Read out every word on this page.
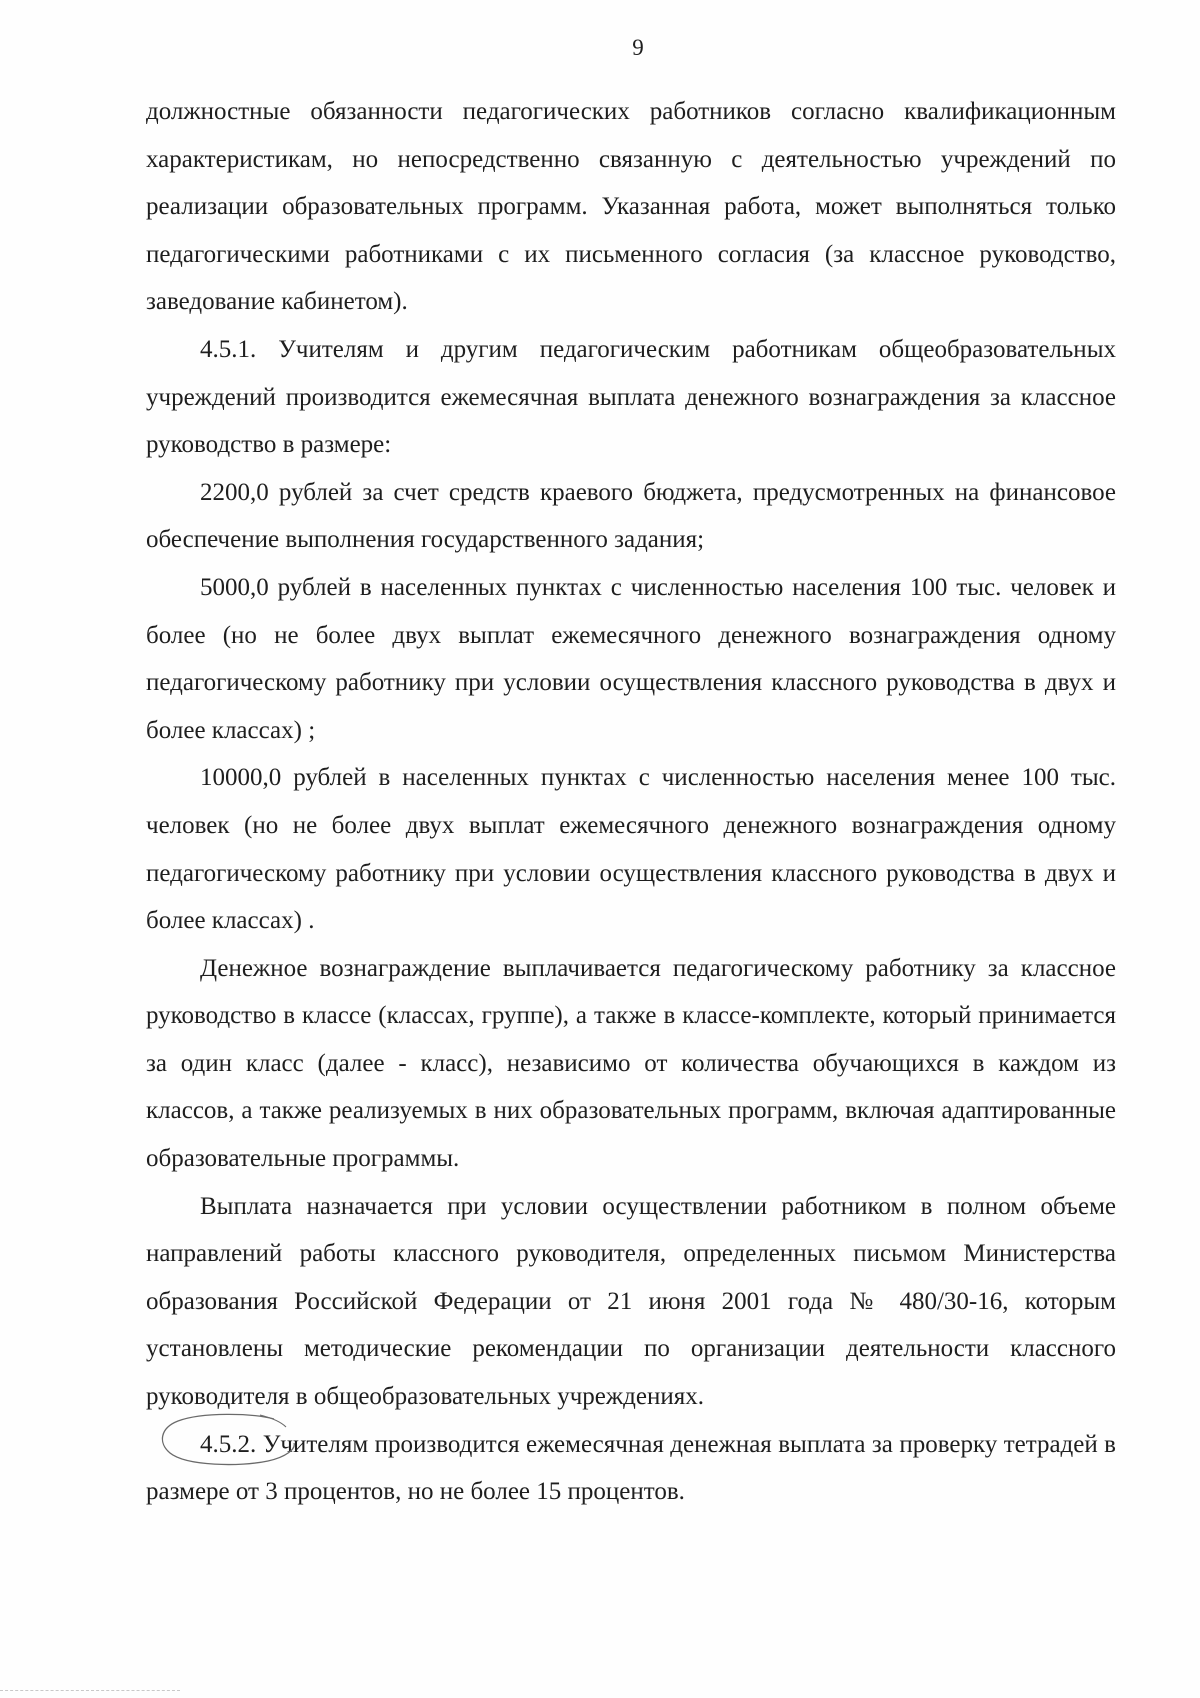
9

должностные обязанности педагогических работников согласно квалификационным характеристикам, но непосредственно связанную с деятельностью учреждений по реализации образовательных программ. Указанная работа, может выполняться только педагогическими работниками с их письменного согласия (за классное руководство, заведование кабинетом).

4.5.1. Учителям и другим педагогическим работникам общеобразовательных учреждений производится ежемесячная выплата денежного вознаграждения за классное руководство в размере:

2200,0 рублей за счет средств краевого бюджета, предусмотренных на финансовое обеспечение выполнения государственного задания;

5000,0 рублей в населенных пунктах с численностью населения 100 тыс. человек и более (но не более двух выплат ежемесячного денежного вознаграждения одному педагогическому работнику при условии осуществления классного руководства в двух и более классах) ;

10000,0 рублей в населенных пунктах с численностью населения менее 100 тыс. человек (но не более двух выплат ежемесячного денежного вознаграждения одному педагогическому работнику при условии осуществления классного руководства в двух и более классах) .

Денежное вознаграждение выплачивается педагогическому работнику за классное руководство в классе (классах, группе), а также в классе-комплекте, который принимается за один класс (далее - класс), независимо от количества обучающихся в каждом из классов, а также реализуемых в них образовательных программ, включая адаптированные образовательные программы.

Выплата назначается при условии осуществлении работником в полном объеме направлений работы классного руководителя, определенных письмом Министерства образования Российской Федерации от 21 июня 2001 года № 480/30-16, которым установлены методические рекомендации по организации деятельности классного руководителя в общеобразовательных учреждениях.

4.5.2. Учителям производится ежемесячная денежная выплата за проверку тетрадей в размере от 3 процентов, но не более 15 процентов.
